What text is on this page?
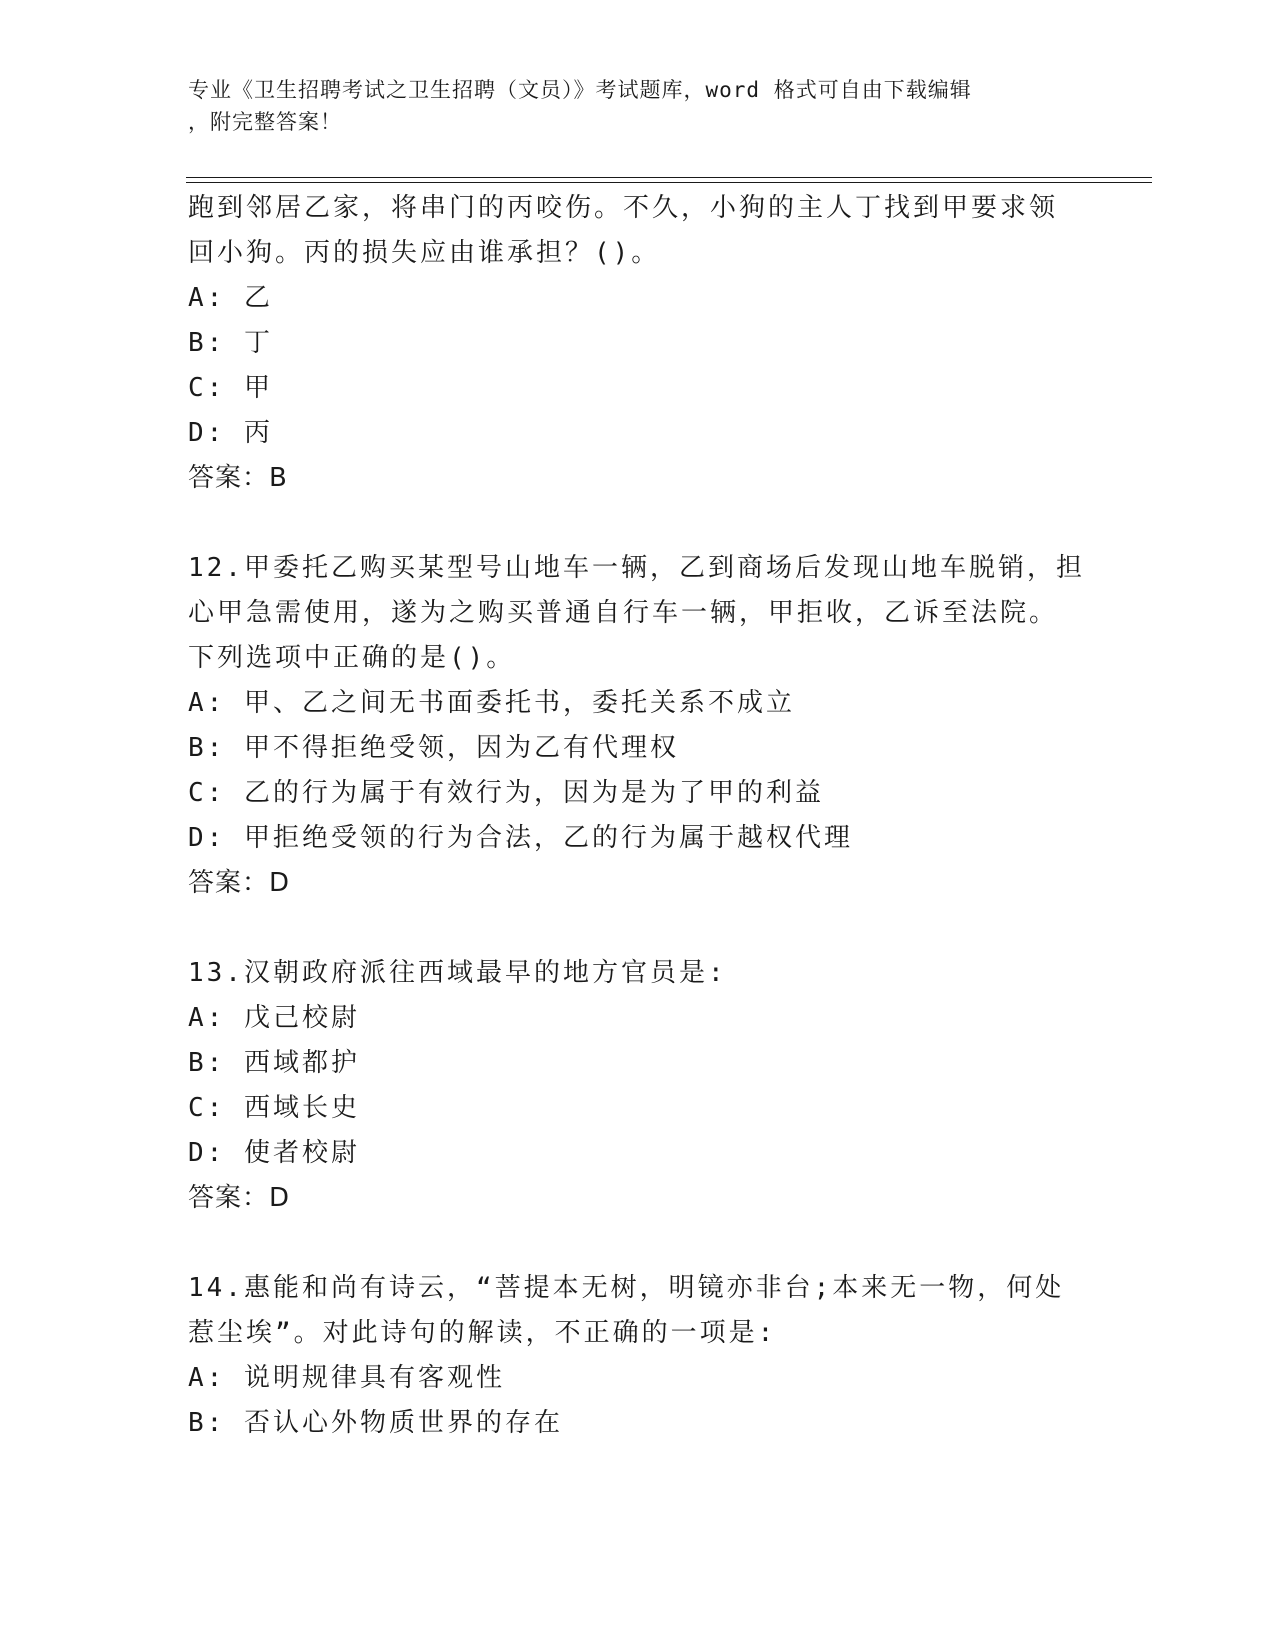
专业《卫生招聘考试之卫生招聘（文员）》考试题库，word 格式可自由下载编辑
，附完整答案！
跑到邻居乙家，将串门的丙咬伤。不久，小狗的主人丁找到甲要求领
回小狗。丙的损失应由谁承担？()。
A: 乙
B: 丁
C: 甲
D: 丙
答案：B
12.甲委托乙购买某型号山地车一辆，乙到商场后发现山地车脱销，担
心甲急需使用，遂为之购买普通自行车一辆，甲拒收，乙诉至法院。
下列选项中正确的是()。
A: 甲、乙之间无书面委托书，委托关系不成立
B: 甲不得拒绝受领，因为乙有代理权
C: 乙的行为属于有效行为，因为是为了甲的利益
D: 甲拒绝受领的行为合法，乙的行为属于越权代理
答案：D
13.汉朝政府派往西域最早的地方官员是:
A: 戊己校尉
B: 西域都护
C: 西域长史
D: 使者校尉
答案：D
14.惠能和尚有诗云，“菩提本无树，明镜亦非台;本来无一物，何处
惹尘埃”。对此诗句的解读，不正确的一项是:
A: 说明规律具有客观性
B: 否认心外物质世界的存在
